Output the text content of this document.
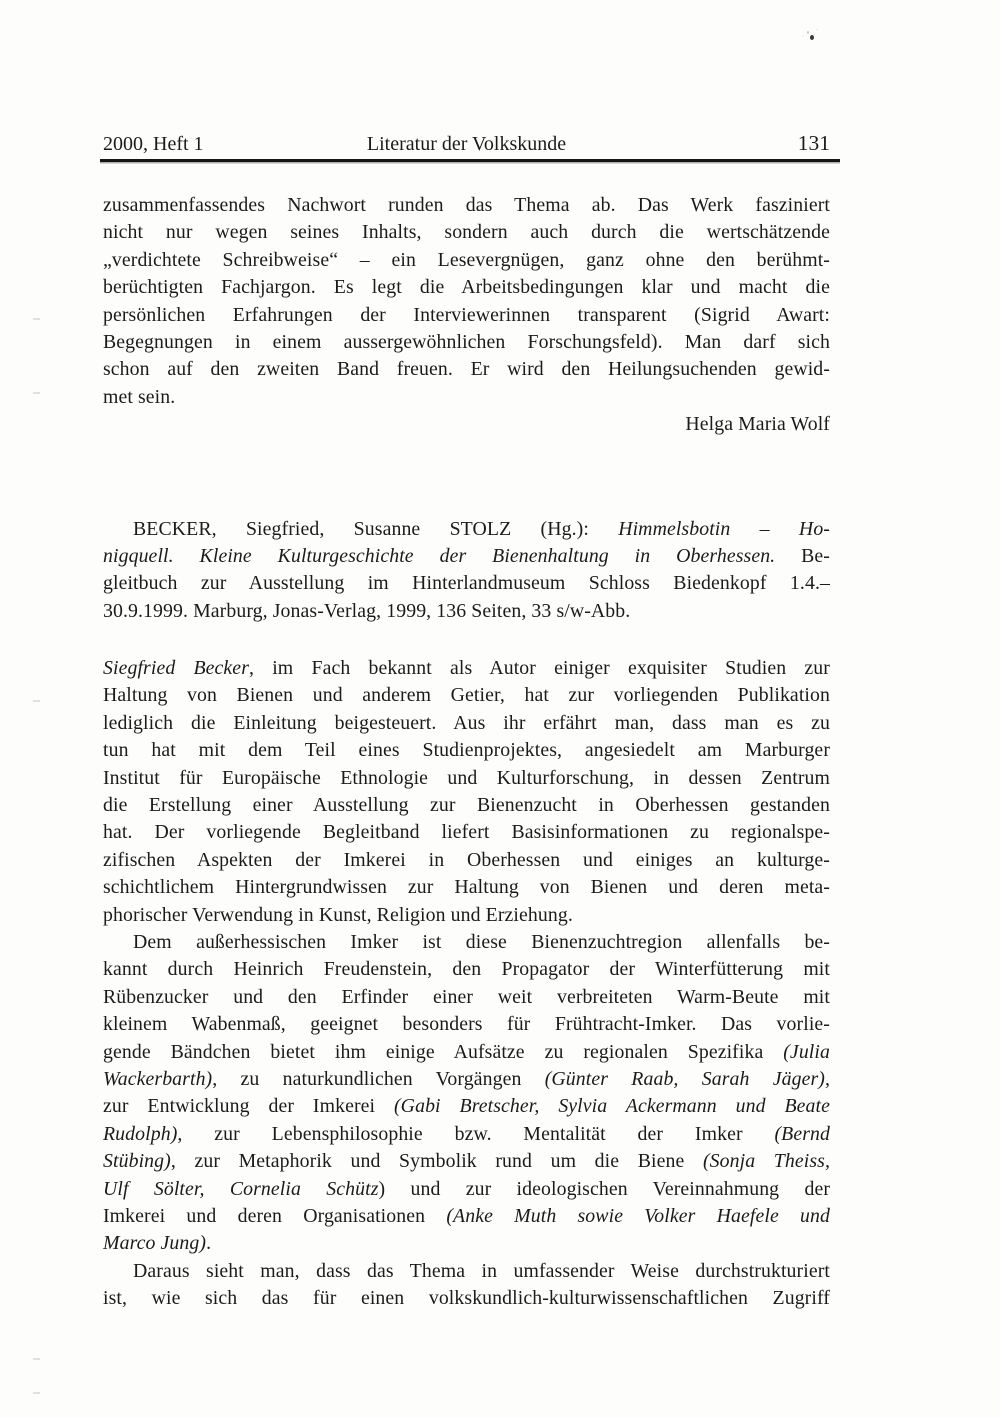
2000, Heft 1	Literatur der Volkskunde	131
zusammenfassendes Nachwort runden das Thema ab. Das Werk fasziniert
nicht nur wegen seines Inhalts, sondern auch durch die wertschätzende
„verdichtete Schreibweise“ – ein Lesevergnügen, ganz ohne den berühmt-
berüchtigten Fachjargon. Es legt die Arbeitsbedingungen klar und macht die
persönlichen Erfahrungen der Interviewerinnen transparent (Sigrid Awart:
Begegnungen in einem aussergewöhnlichen Forschungsfeld). Man darf sich
schon auf den zweiten Band freuen. Er wird den Heilungsuchenden gewid-
met sein.
Helga Maria Wolf
BECKER, Siegfried, Susanne STOLZ (Hg.): Himmelsbotin – Ho-
nigquell. Kleine Kulturgeschichte der Bienenhaltung in Oberhessen. Be-
gleitbuch zur Ausstellung im Hinterlandmuseum Schloss Biedenkopf 1.4.–
30.9.1999. Marburg, Jonas-Verlag, 1999, 136 Seiten, 33 s/w-Abb.
Siegfried Becker, im Fach bekannt als Autor einiger exquisiter Studien zur
Haltung von Bienen und anderem Getier, hat zur vorliegenden Publikation
lediglich die Einleitung beigesteuert. Aus ihr erfährt man, dass man es zu
tun hat mit dem Teil eines Studienprojektes, angesiedelt am Marburger
Institut für Europäische Ethnologie und Kulturforschung, in dessen Zentrum
die Erstellung einer Ausstellung zur Bienenzucht in Oberhessen gestanden
hat. Der vorliegende Begleitband liefert Basisinformationen zu regionalspe-
zifischen Aspekten der Imkerei in Oberhessen und einiges an kulturge-
schichtlichem Hintergrundwissen zur Haltung von Bienen und deren meta-
phorischer Verwendung in Kunst, Religion und Erziehung.
Dem außerhessischen Imker ist diese Bienenzuchtregion allenfalls be-
kannt durch Heinrich Freudenstein, den Propagator der Winterfütterung mit
Rübenzucker und den Erfinder einer weit verbreiteten Warm-Beute mit
kleinem Wabenmaß, geeignet besonders für Frühtracht-Imker. Das vorlie-
gende Bändchen bietet ihm einige Aufsätze zu regionalen Spezifika (Julia
Wackerbarth), zu naturkundlichen Vorgängen (Günter Raab, Sarah Jäger),
zur Entwicklung der Imkerei (Gabi Bretscher, Sylvia Ackermann und Beate
Rudolph), zur Lebensphilosophie bzw. Mentalität der Imker (Bernd
Stübing), zur Metaphorik und Symbolik rund um die Biene (Sonja Theiss,
Ulf Sölter, Cornelia Schütz) und zur ideologischen Vereinnahmung der
Imkerei und deren Organisationen (Anke Muth sowie Volker Haefele und
Marco Jung).
Daraus sieht man, dass das Thema in umfassender Weise durchstrukturiert
ist, wie sich das für einen volkskundlich-kulturwissenschaftlichen Zugriff
